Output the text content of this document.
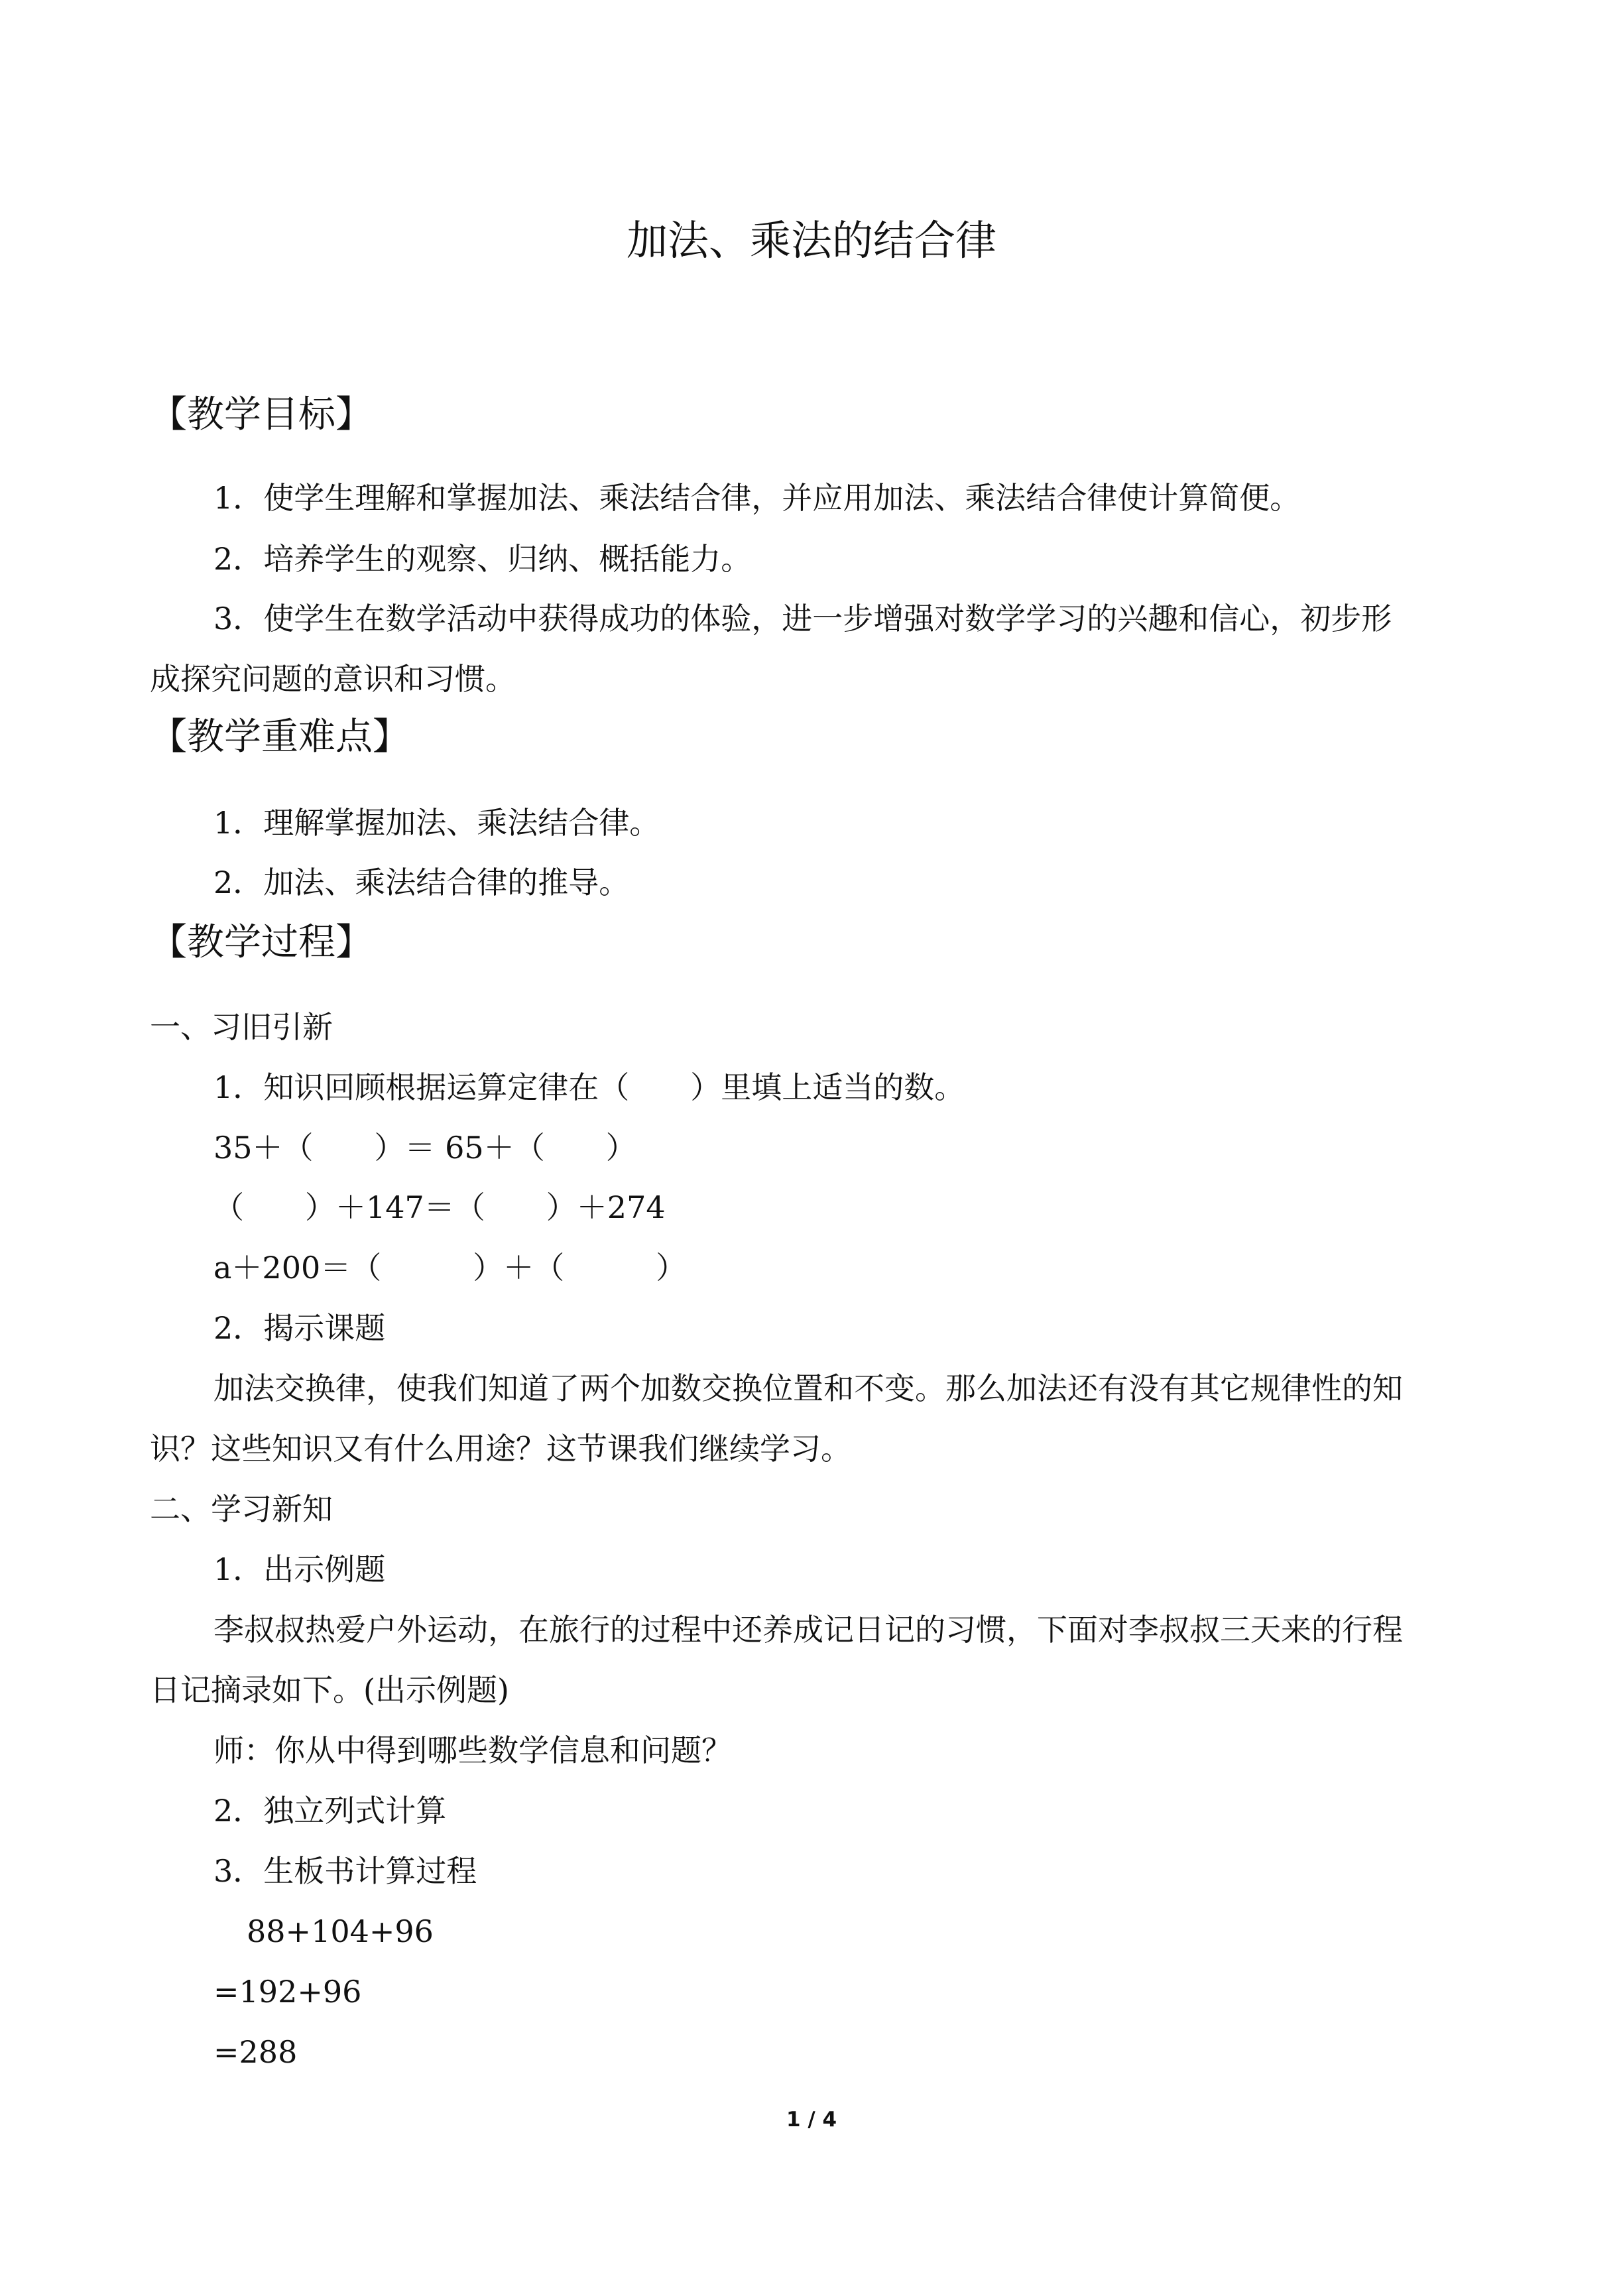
加法、乘法的结合律
【教学目标】
1．使学生理解和掌握加法、乘法结合律，并应用加法、乘法结合律使计算简便。
2．培养学生的观察、归纳、概括能力。
3．使学生在数学活动中获得成功的体验，进一步增强对数学学习的兴趣和信心，初步形
成探究问题的意识和习惯。
【教学重难点】
1．理解掌握加法、乘法结合律。
2．加法、乘法结合律的推导。
【教学过程】
一、习旧引新
1．知识回顾根据运算定律在（　　）里填上适当的数。
35＋（　　）＝ 65＋（　　）
（　　）＋147＝（　　）＋274
a＋200＝（　　　）＋（　　　）
2．揭示课题
加法交换律，使我们知道了两个加数交换位置和不变。那么加法还有没有其它规律性的知
识？这些知识又有什么用途？这节课我们继续学习。
二、学习新知
1．出示例题
李叔叔热爱户外运动，在旅行的过程中还养成记日记的习惯，下面对李叔叔三天来的行程
日记摘录如下。(出示例题)
师：你从中得到哪些数学信息和问题？
2．独立列式计算
3．生板书计算过程
88+104+96
=192+96
=288
1 / 4
